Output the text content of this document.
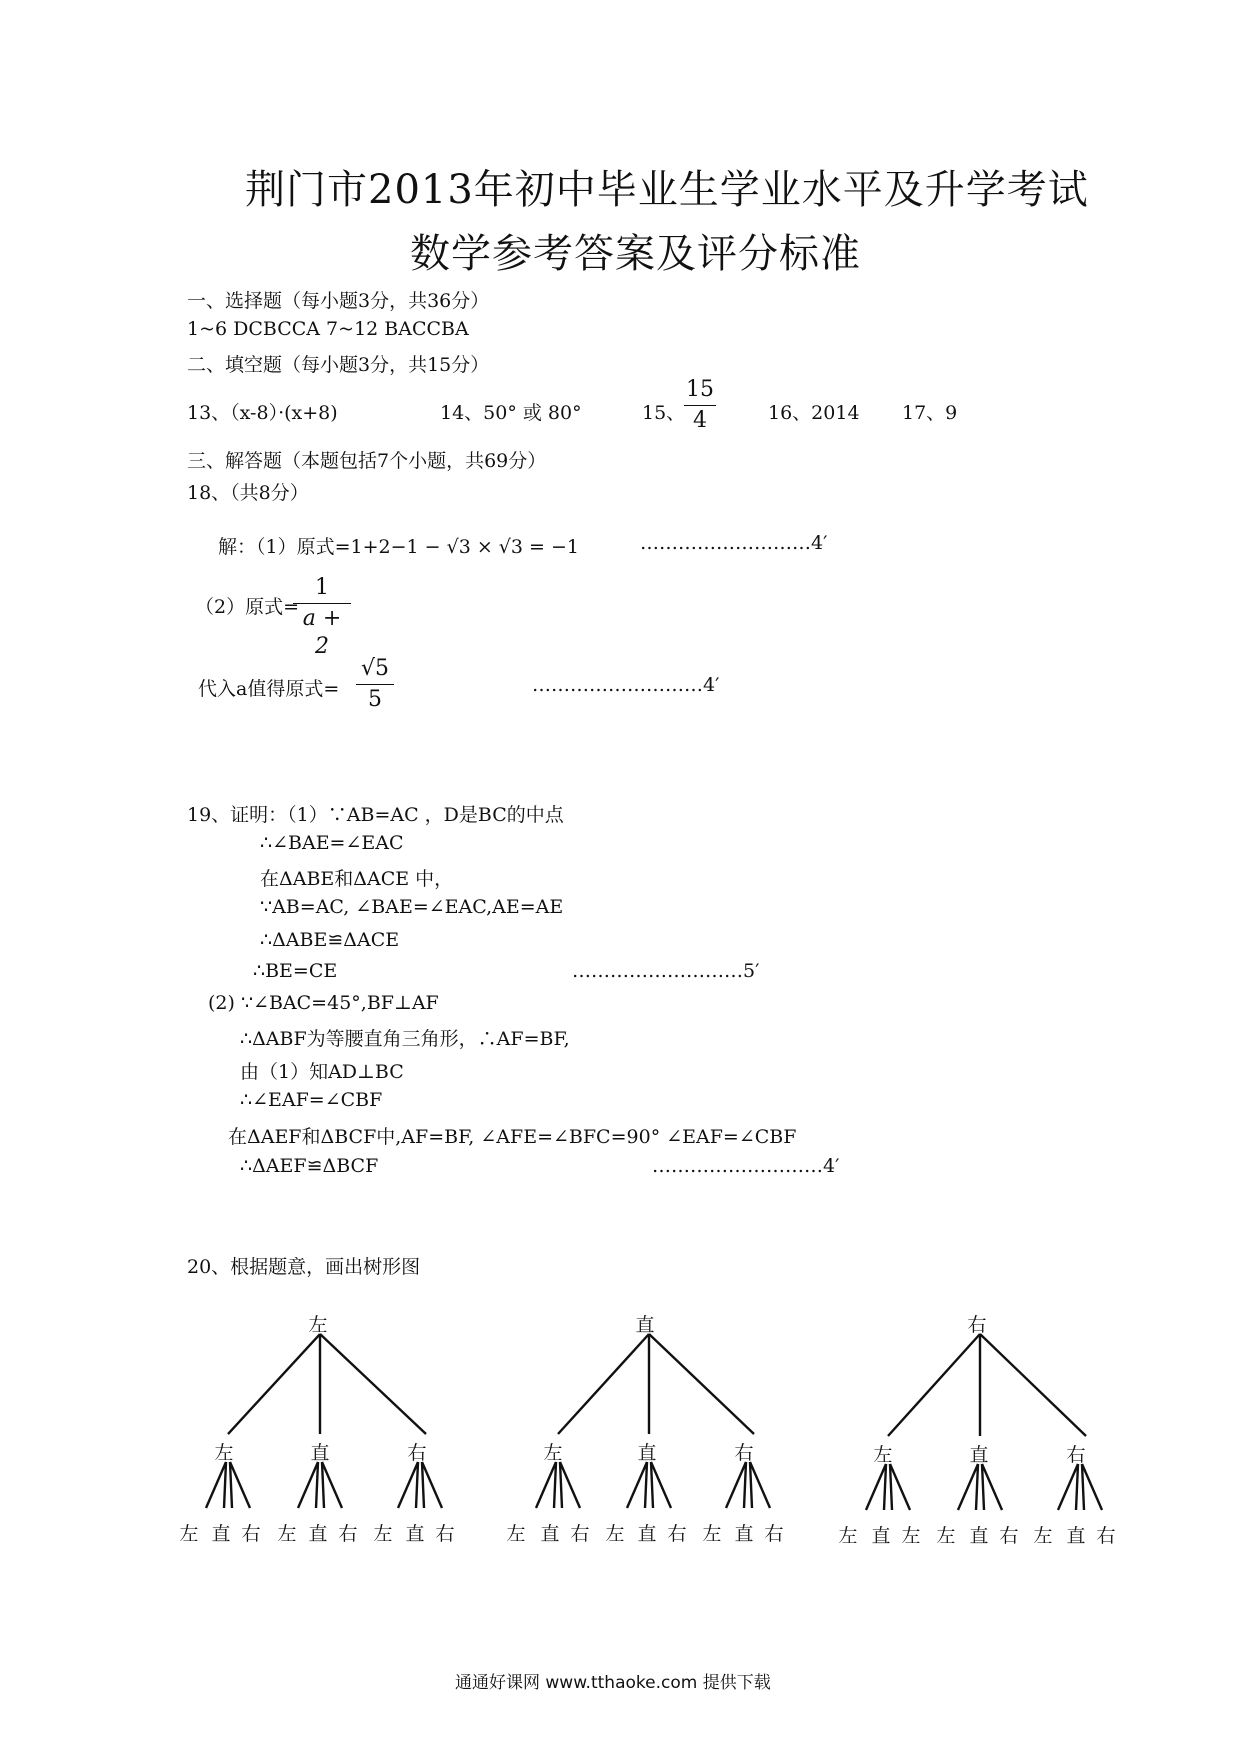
荆门市2013年初中毕业生学业水平及升学考试
数学参考答案及评分标准
一、选择题（每小题3分，共36分）
1~6 DCBCCA 7~12 BACCBA
二、填空题（每小题3分，共15分）
13、（x-8）·(x+8)	14、50° 或 80°	15、
15
4	16、2014 17、9
三、解答题（本题包括7个小题，共69分）
18、（共8分）
解：（1）原式=1+2−1 − √3 × √3 = −1	………………………4′
（2）原式=
1
a + 2
代入a值得原式=
√5
5
………………………4′
19、证明：（1）∵AB=AC ，D是BC的中点
∴∠BAE=∠EAC
在ΔABE和ΔACE 中，
∵AB=AC, ∠BAE=∠EAC,AE=AE
∴ΔABE≌ΔACE
∴BE=CE	………………………5′
(2) ∵∠BAC=45°,BF⊥AF
∴ΔABF为等腰直角三角形，∴AF=BF,
由（1）知AD⊥BC
∴∠EAF=∠CBF
在ΔAEF和ΔBCF中,AF=BF, ∠AFE=∠BFC=90° ∠EAF=∠CBF
∴ΔAEF≌ΔBCF	………………………4′
20、根据题意，画出树形图
左
左	直	右
左 直 右 左 直 右 左 直 右
直
左	直	右
左 直 右 左 直 右 左 直 右
右
左	直	右
左 直 左 左 直 右 左 直 右
通通好课网 www.tthaoke.com 提供下载
